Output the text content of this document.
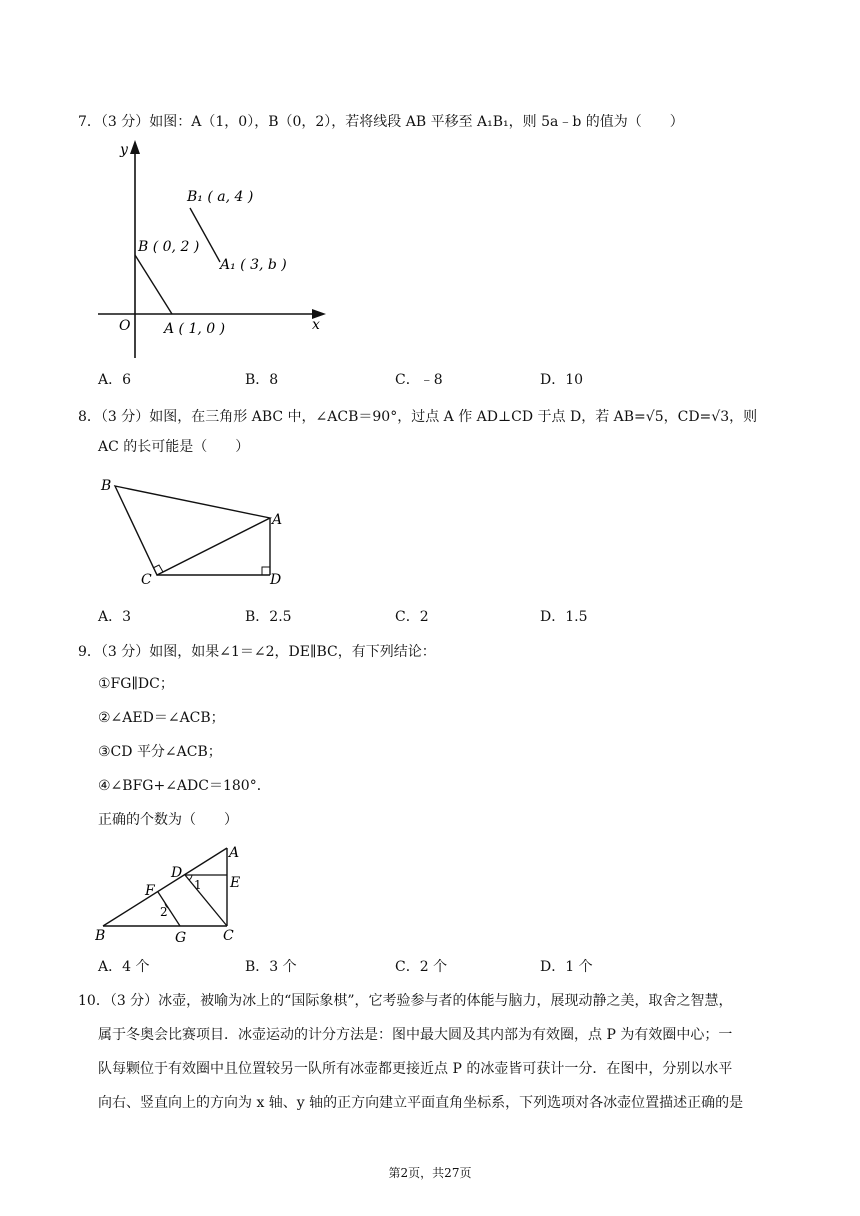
7．（3 分）如图：A（1，0），B（0，2），若将线段 AB 平移至 A₁B₁，则 5a﹣b 的值为（　　）
y
x
O
B ( 0, 2 )
A ( 1, 0 )
B₁ ( a, 4 )
A₁ ( 3, b )
A．6	B．8	C．﹣8	D．10
8．（3 分）如图，在三角形 ABC 中，∠ACB＝90°，过点 A 作 AD⊥CD 于点 D，若 AB=√5，CD=√3，则
AC 的长可能是（　　）
B
A
C	D
A．3	B．2.5	C．2	D．1.5
9．（3 分）如图，如果∠1＝∠2，DE∥BC，有下列结论：
①FG∥DC；
②∠AED＝∠ACB；
③CD 平分∠ACB；
④∠BFG+∠ADC＝180°．
正确的个数为（　　）
A
D
E
F
B	G	C
1
2
A．4 个	B．3 个	C．2 个	D．1 个
10．（3 分）冰壶，被喻为冰上的“国际象棋”，它考验参与者的体能与脑力，展现动静之美，取舍之智慧，
属于冬奥会比赛项目．冰壶运动的计分方法是：图中最大圆及其内部为有效圈，点 P 为有效圈中心；一
队每颗位于有效圈中且位置较另一队所有冰壶都更接近点 P 的冰壶皆可获计一分．在图中，分别以水平
向右、竖直向上的方向为 x 轴、y 轴的正方向建立平面直角坐标系，下列选项对各冰壶位置描述正确的是
第2页，共27页
